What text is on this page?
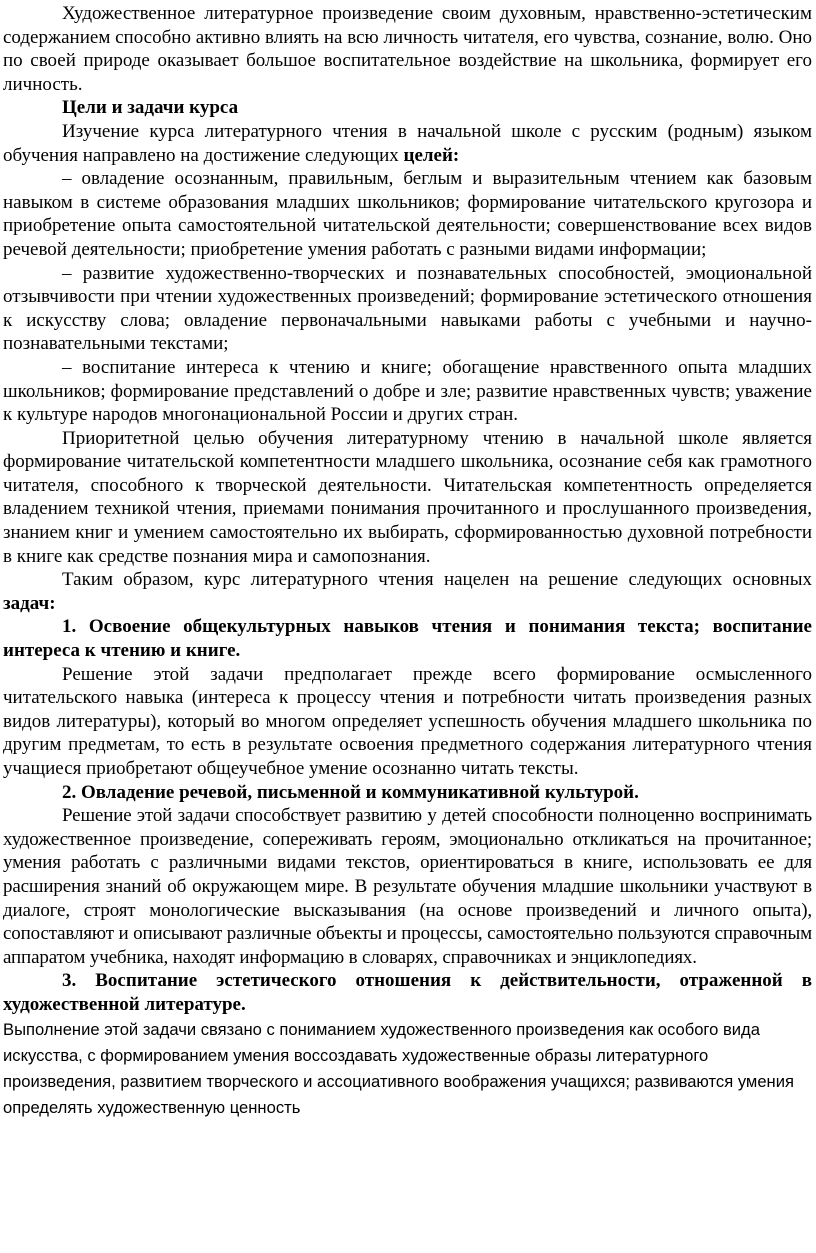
Художественное литературное произведение своим духовным, нравственно-эстетическим содержанием способно активно влиять на всю личность читателя, его чувства, сознание, волю. Оно по своей природе оказывает большое воспитательное воздействие на школьника, формирует его личность.

Цели и задачи курса

Изучение курса литературного чтения в начальной школе с русским (родным) языком обучения направлено на достижение следующих целей:

– овладение осознанным, правильным, беглым и выразительным чтением как базовым навыком в системе образования младших школьников; формирование читательского кругозора и приобретение опыта самостоятельной читательской деятельности; совершенствование всех видов речевой деятельности; приобретение умения работать с разными видами информации;

– развитие художественно-творческих и познавательных способностей, эмоциональной отзывчивости при чтении художественных произведений; формирование эстетического отношения к искусству слова; овладение первоначальными навыками работы с учебными и научно-познавательными текстами;

– воспитание интереса к чтению и книге; обогащение нравственного опыта младших школьников; формирование представлений о добре и зле; развитие нравственных чувств; уважение к культуре народов многонациональной России и других стран.

Приоритетной целью обучения литературному чтению в начальной школе является формирование читательской компетентности младшего школьника, осознание себя как грамотного читателя, способного к творческой деятельности. Читательская компетентность определяется владением техникой чтения, приемами понимания прочитанного и прослушанного произведения, знанием книг и умением самостоятельно их выбирать, сформированностью духовной потребности в книге как средстве познания мира и самопознания.

Таким образом, курс литературного чтения нацелен на решение следующих основных задач:

1. Освоение общекультурных навыков чтения и понимания текста; воспитание интереса к чтению и книге.

Решение этой задачи предполагает прежде всего формирование осмысленного читательского навыка (интереса к процессу чтения и потребности читать произведения разных видов литературы), который во многом определяет успешность обучения младшего школьника по другим предметам, то есть в результате освоения предметного содержания литературного чтения учащиеся приобретают общеучебное умение осознанно читать тексты.

2. Овладение речевой, письменной и коммуникативной культурой.

Решение этой задачи способствует развитию у детей способности полноценно воспринимать художественное произведение, сопереживать героям, эмоционально откликаться на прочитанное; умения работать с различными видами текстов, ориентироваться в книге, использовать ее для расширения знаний об окружающем мире. В результате обучения младшие школьники участвуют в диалоге, строят монологические высказывания (на основе произведений и личного опыта), сопоставляют и описывают различные объекты и процессы, самостоятельно пользуются справочным аппаратом учебника, находят информацию в словарях, справочниках и энциклопедиях.

3. Воспитание эстетического отношения к действительности, отраженной в художественной литературе.

Выполнение этой задачи связано с пониманием художественного произведения как особого вида искусства, с формированием умения воссоздавать художественные образы литературного произведения, развитием творческого и ассоциативного воображения учащихся; развиваются умения определять художественную ценность
